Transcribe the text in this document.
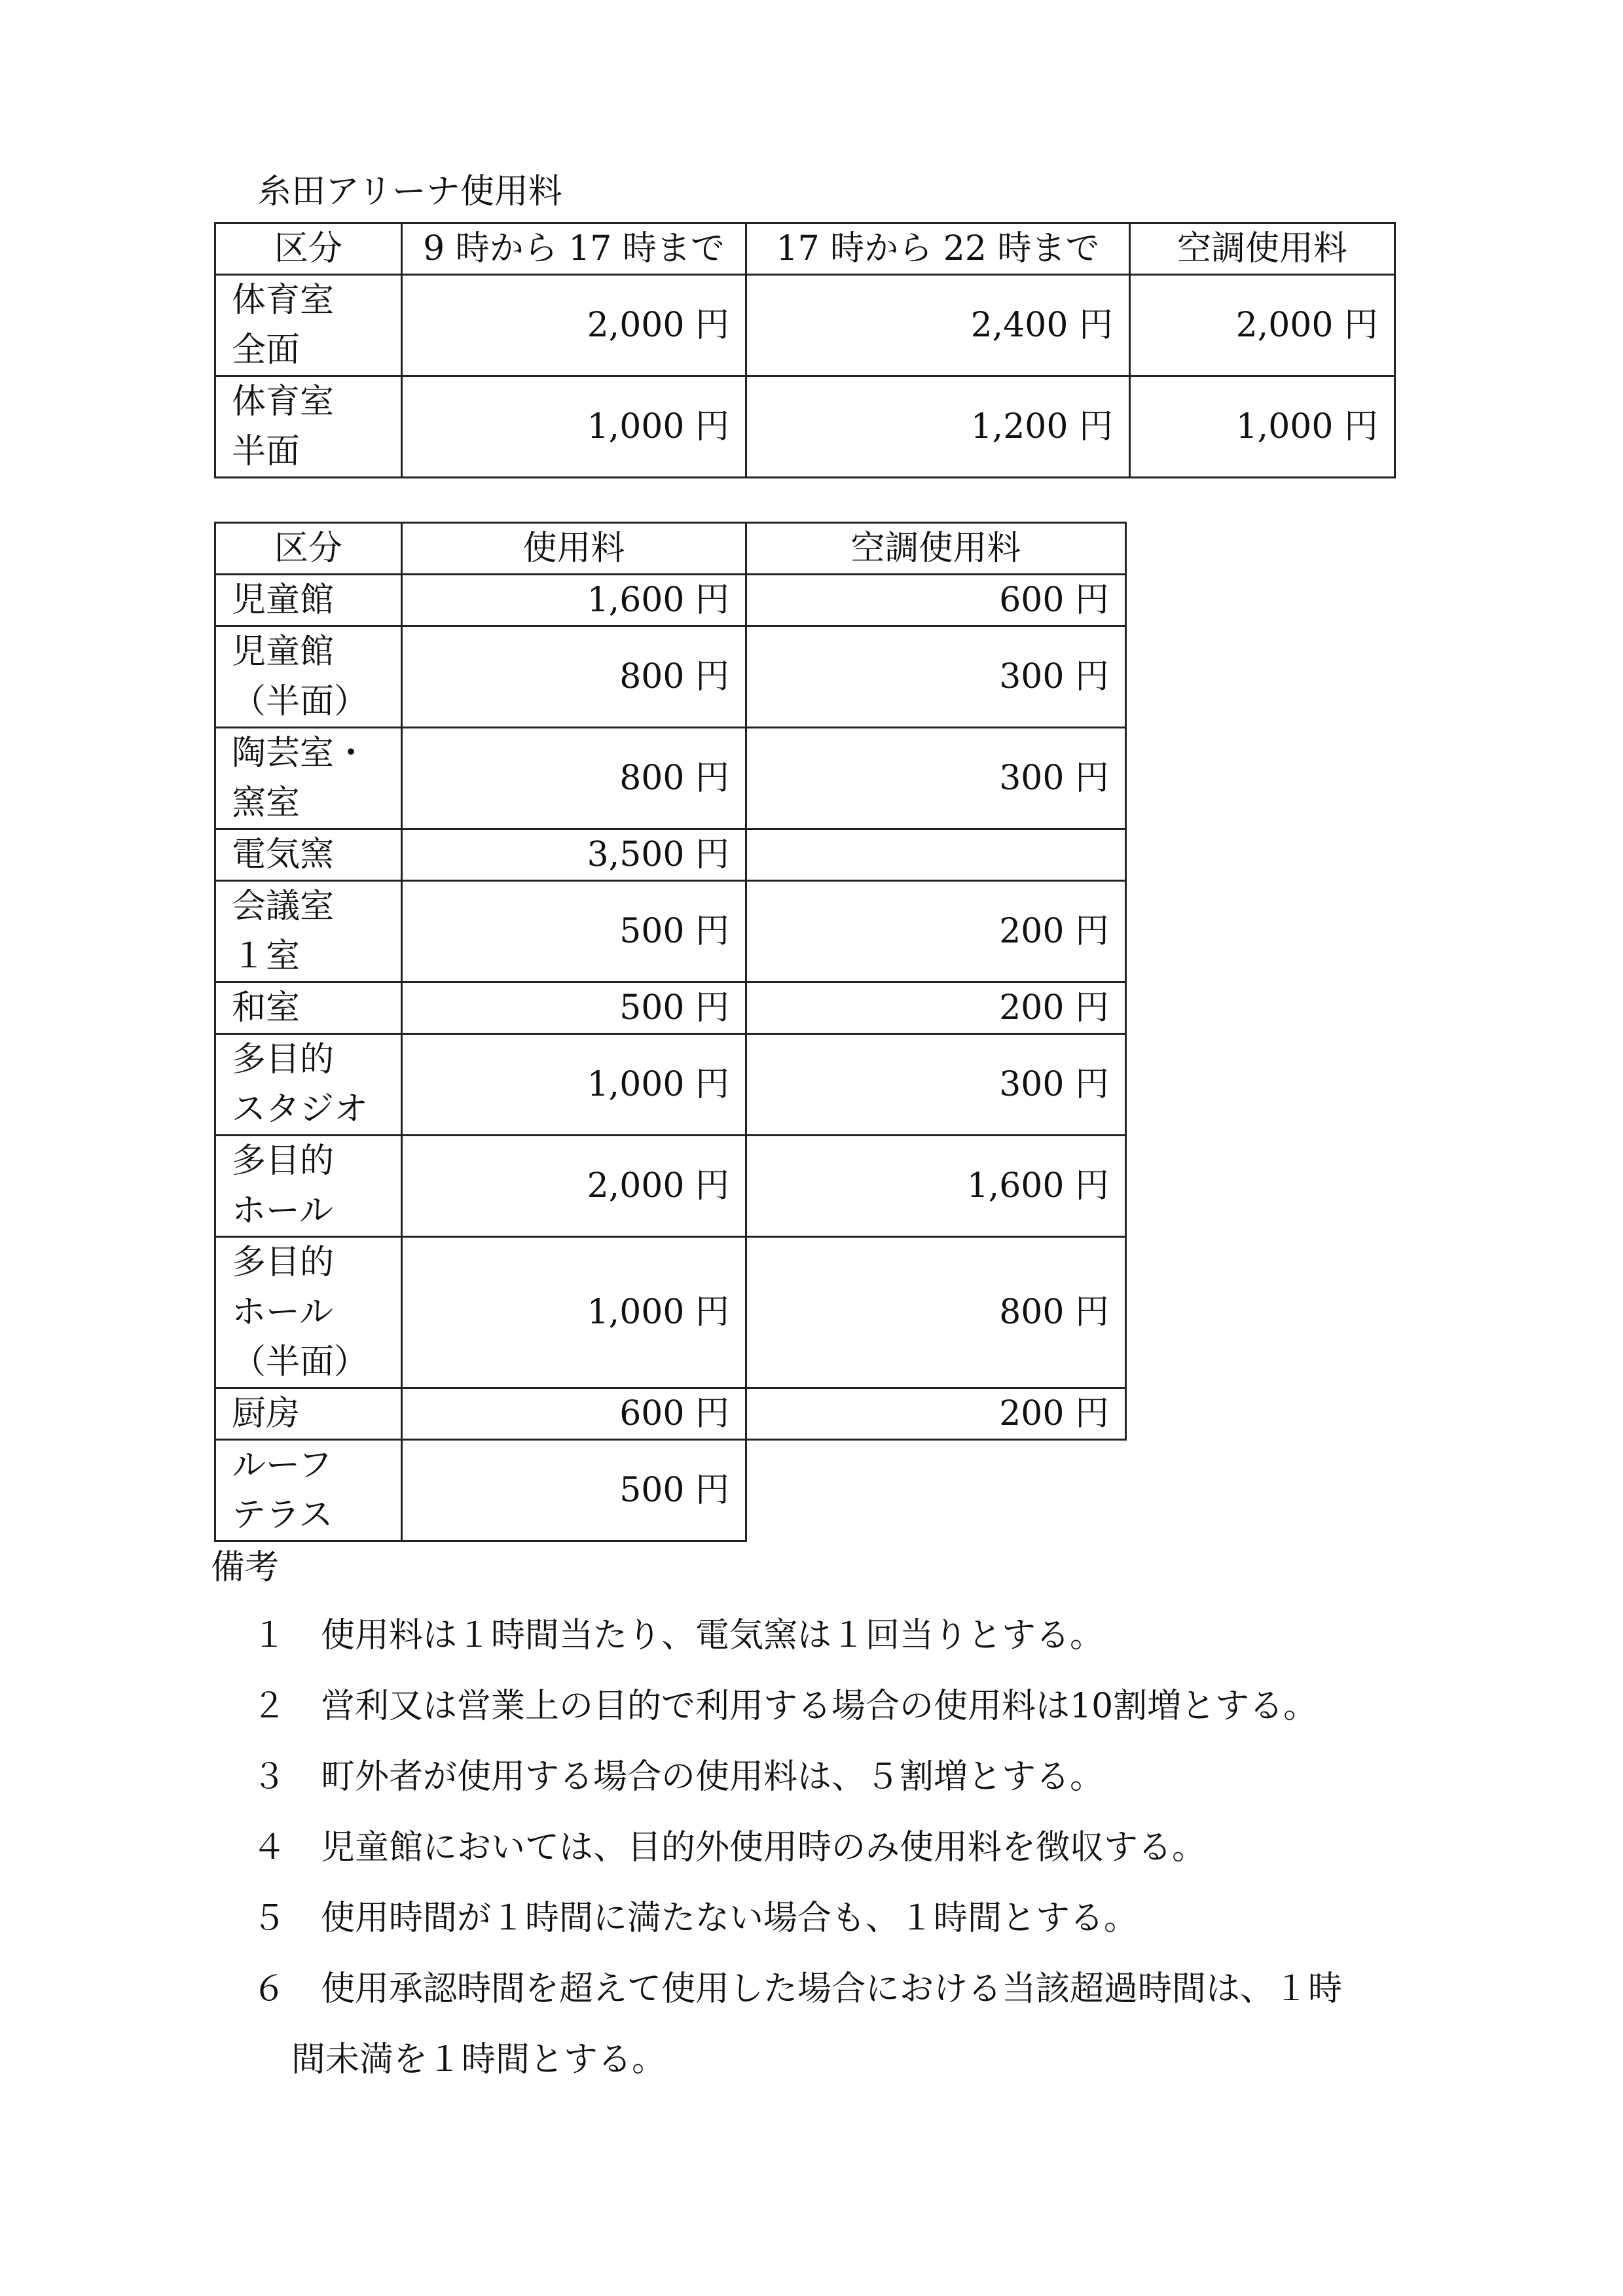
糸田アリーナ使用料
区分	9 時から 17 時まで	17 時から 22 時まで	空調使用料

体育室
全面	2,000 円	2,400 円	2,000 円

体育室
半面	1,000 円	1,200 円	1,000 円
区分	使用料	空調使用料

児童館	1,600 円	600 円

児童館
（半面）	800 円	300 円

陶芸室・
窯室	800 円	300 円

電気窯	3,500 円	

会議室
１室	500 円	200 円

和室	500 円	200 円

多目的
スタジオ	1,000 円	300 円

多目的
ホール	2,000 円	1,600 円

多目的
ホール
（半面）	1,000 円	800 円

厨房	600 円	200 円

ルーフ
テラス	500 円	
備考
１	使用料は１時間当たり、電気窯は１回当りとする。
２	営利又は営業上の目的で利用する場合の使用料は10割増とする。
３	町外者が使用する場合の使用料は、５割増とする。
４	児童館においては、目的外使用時のみ使用料を徴収する。
５	使用時間が１時間に満たない場合も、１時間とする。
６	使用承認時間を超えて使用した場合における当該超過時間は、１時
間未満を１時間とする。
